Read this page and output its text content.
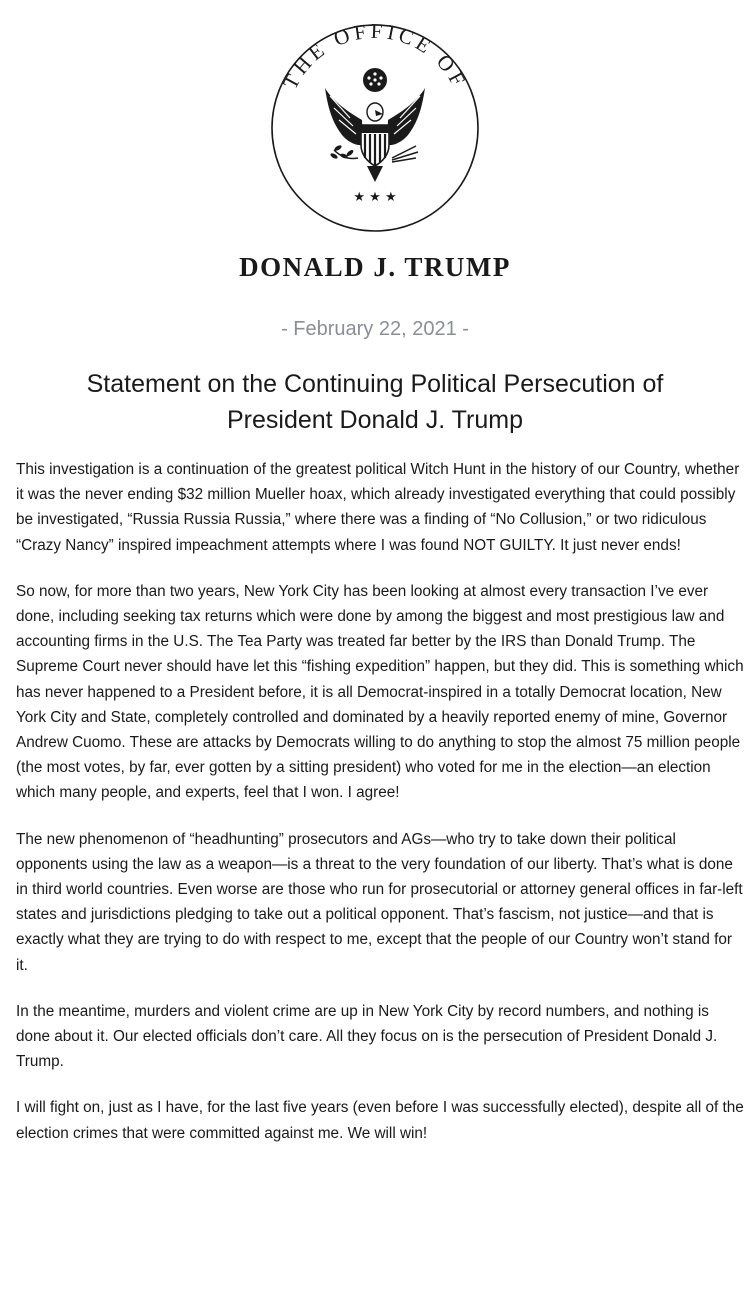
THE OFFICE OF
★ ★ ★
DONALD J. TRUMP
- February 22, 2021 -
Statement on the Continuing Political Persecution of
President Donald J. Trump

This investigation is a continuation of the greatest political Witch Hunt in the history of our Country, whether it was the never ending $32 million Mueller hoax, which already investigated everything that could possibly be investigated, “Russia Russia Russia,” where there was a finding of “No Collusion,” or two ridiculous “Crazy Nancy” inspired impeachment attempts where I was found NOT GUILTY. It just never ends!

So now, for more than two years, New York City has been looking at almost every transaction I’ve ever done, including seeking tax returns which were done by among the biggest and most prestigious law and accounting firms in the U.S. The Tea Party was treated far better by the IRS than Donald Trump. The Supreme Court never should have let this “fishing expedition” happen, but they did. This is something which has never happened to a President before, it is all Democrat-inspired in a totally Democrat location, New York City and State, completely controlled and dominated by a heavily reported enemy of mine, Governor Andrew Cuomo. These are attacks by Democrats willing to do anything to stop the almost 75 million people (the most votes, by far, ever gotten by a sitting president) who voted for me in the election—an election which many people, and experts, feel that I won. I agree!

The new phenomenon of “headhunting” prosecutors and AGs—who try to take down their political opponents using the law as a weapon—is a threat to the very foundation of our liberty. That’s what is done in third world countries. Even worse are those who run for prosecutorial or attorney general offices in far-left states and jurisdictions pledging to take out a political opponent. That’s fascism, not justice—and that is exactly what they are trying to do with respect to me, except that the people of our Country won’t stand for it.

In the meantime, murders and violent crime are up in New York City by record numbers, and nothing is done about it. Our elected officials don’t care. All they focus on is the persecution of President Donald J. Trump.

I will fight on, just as I have, for the last five years (even before I was successfully elected), despite all of the election crimes that were committed against me. We will win!
